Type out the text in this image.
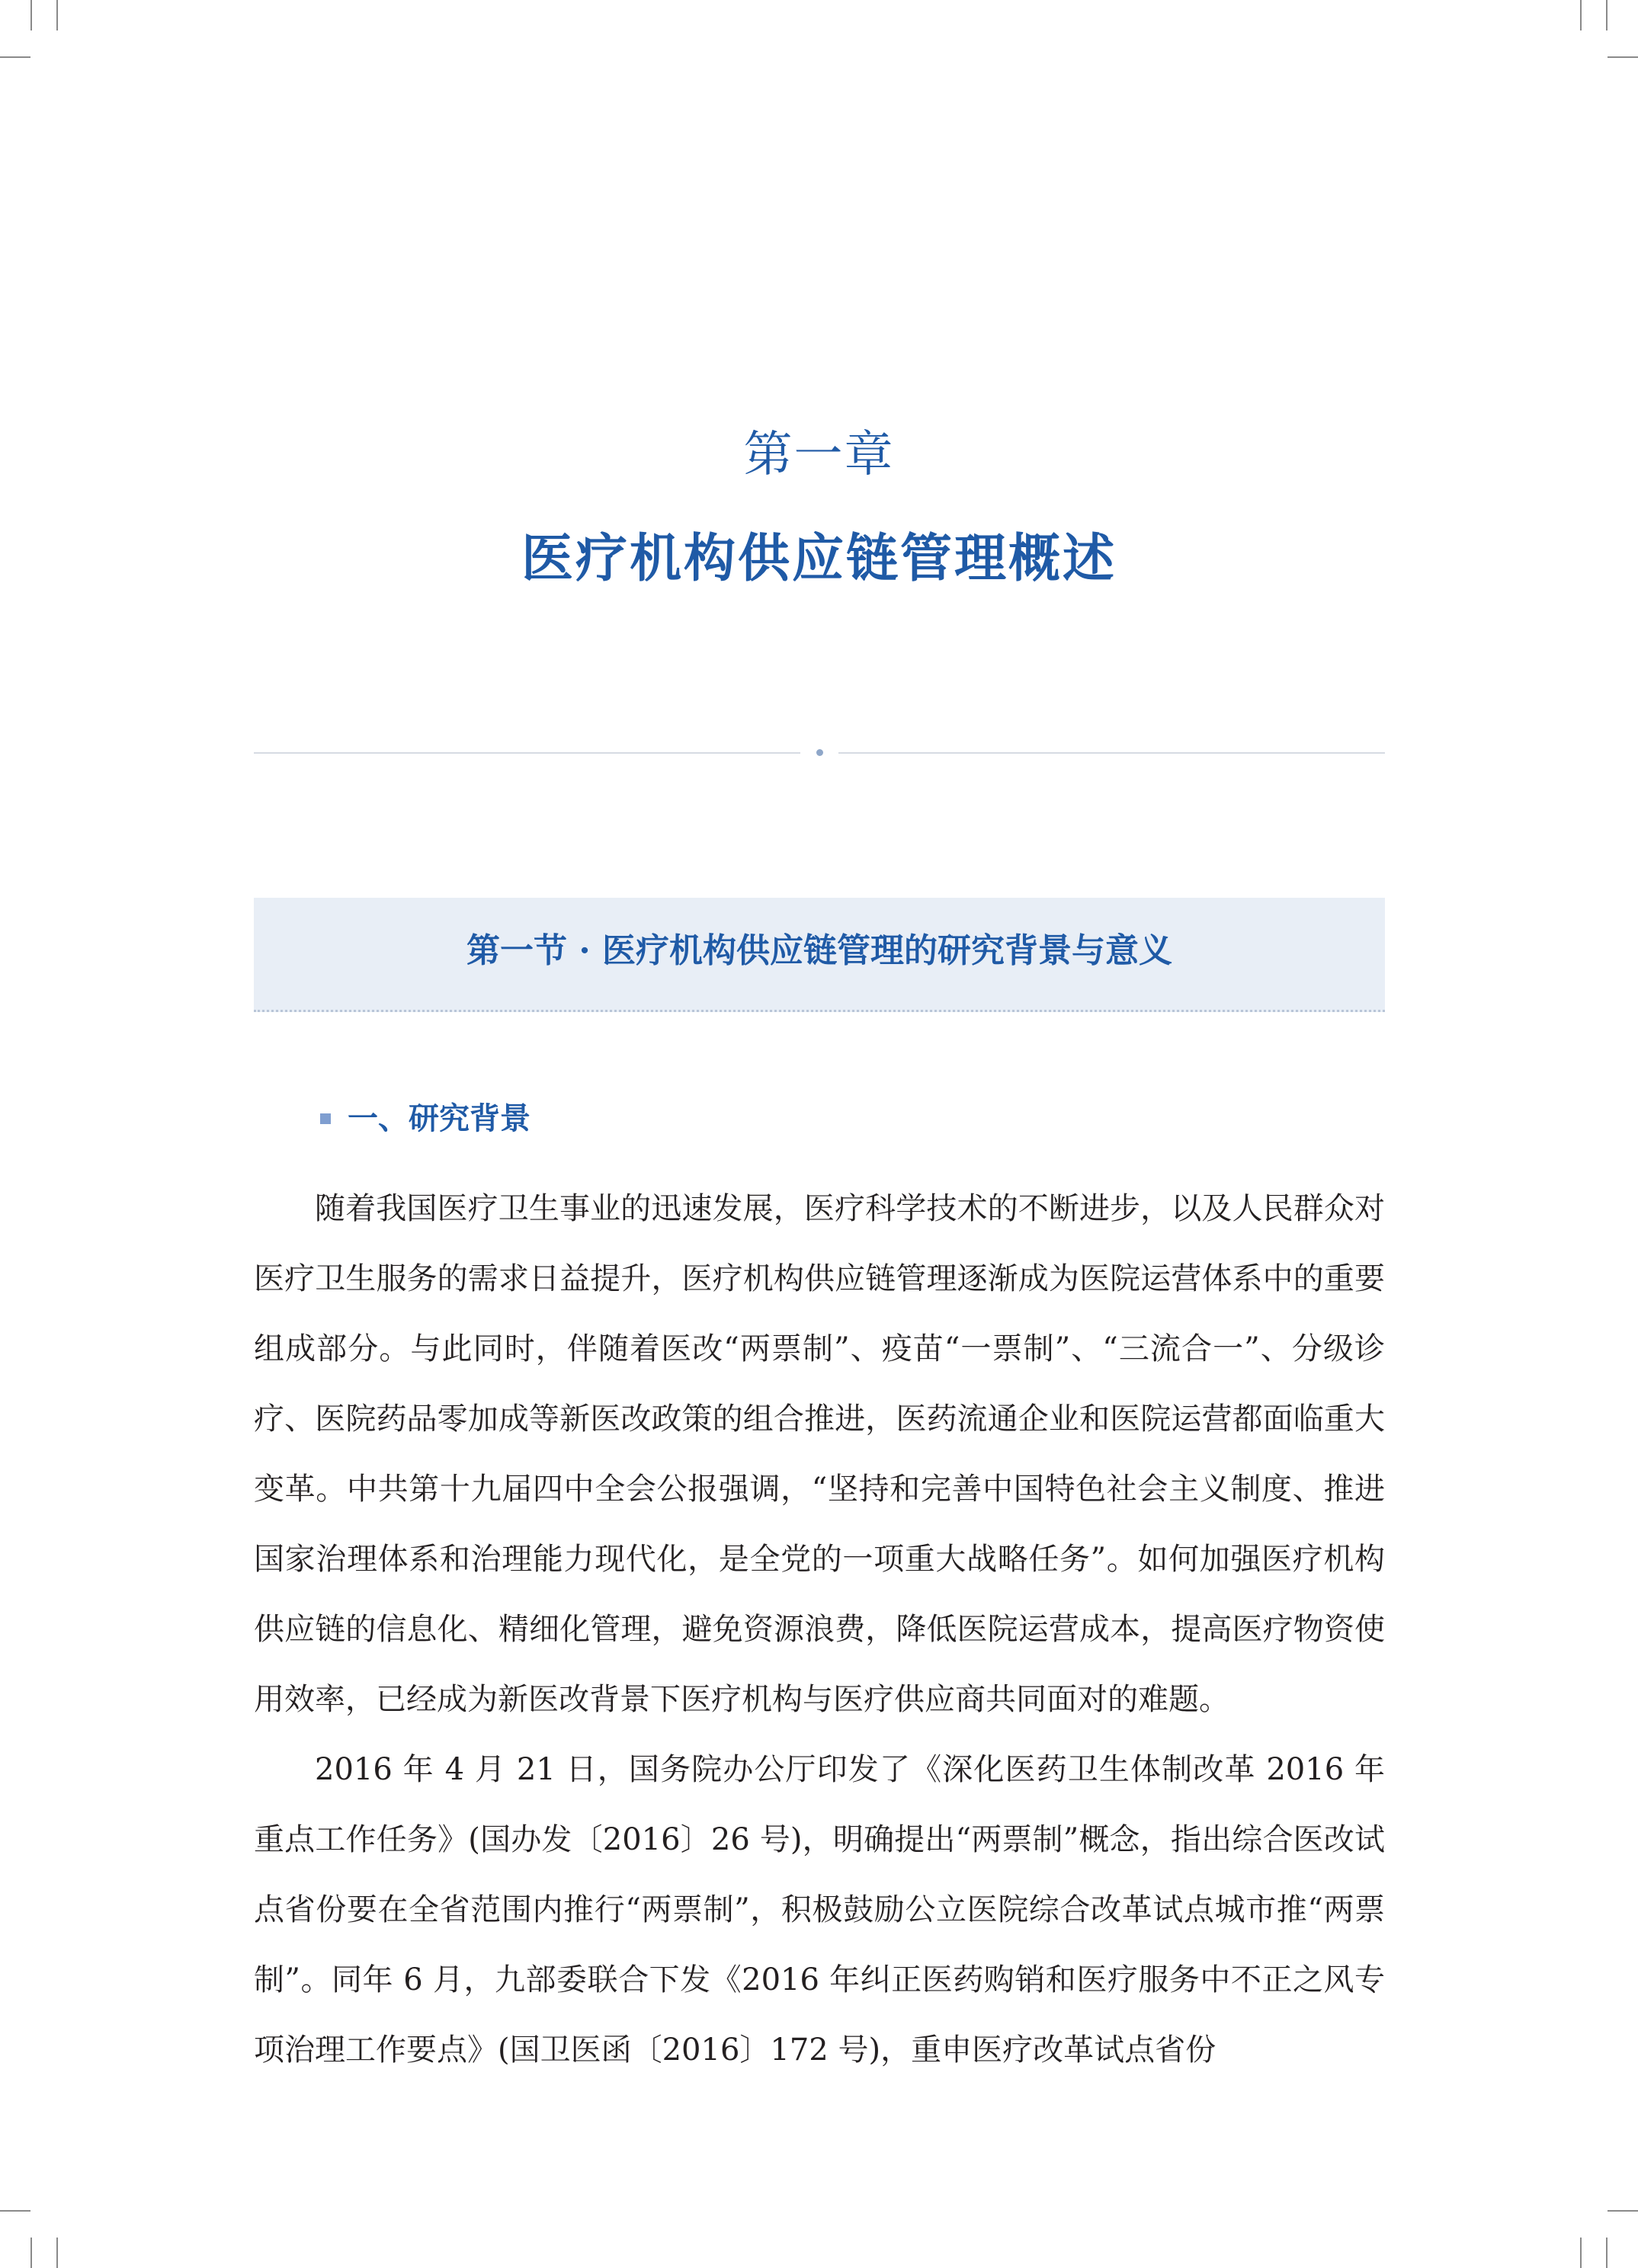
第一章
医疗机构供应链管理概述
第一节 · 医疗机构供应链管理的研究背景与意义
一、研究背景

随着我国医疗卫生事业的迅速发展，医疗科学技术的不断进步，以及人民群众对医疗卫生服务的需求日益提升，医疗机构供应链管理逐渐成为医院运营体系中的重要组成部分。与此同时，伴随着医改“两票制”、疫苗“一票制”、“三流合一”、分级诊疗、医院药品零加成等新医改政策的组合推进，医药流通企业和医院运营都面临重大变革。中共第十九届四中全会公报强调，“坚持和完善中国特色社会主义制度、推进国家治理体系和治理能力现代化，是全党的一项重大战略任务”。如何加强医疗机构供应链的信息化、精细化管理，避免资源浪费，降低医院运营成本，提高医疗物资使用效率，已经成为新医改背景下医疗机构与医疗供应商共同面对的难题。

2016 年 4 月 21 日，国务院办公厅印发了《深化医药卫生体制改革 2016 年重点工作任务》(国办发〔2016〕26 号)，明确提出“两票制”概念，指出综合医改试点省份要在全省范围内推行“两票制”，积极鼓励公立医院综合改革试点城市推“两票制”。同年 6 月，九部委联合下发《2016 年纠正医药购销和医疗服务中不正之风专项治理工作要点》(国卫医函〔2016〕172 号)，重申医疗改革试点省份
